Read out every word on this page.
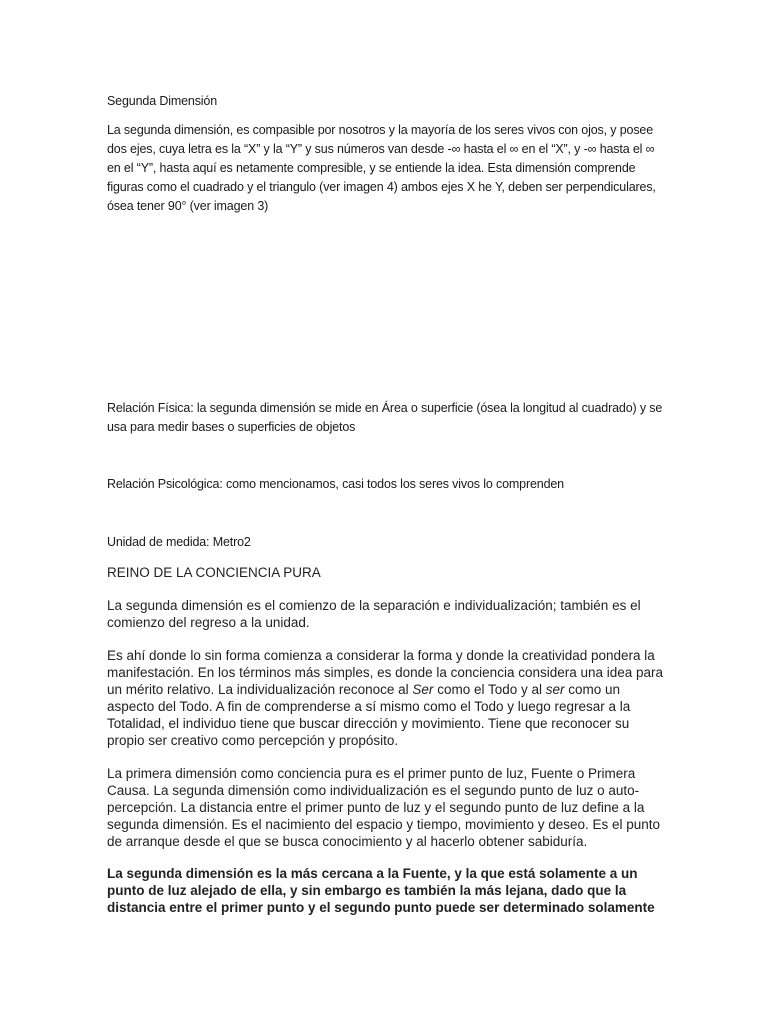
Segunda Dimensión

La segunda dimensión, es compasible por nosotros y la mayoría de los seres vivos con ojos, y posee dos ejes, cuya letra es la “X” y la “Y” y sus números van desde -∞ hasta el ∞ en el “X”, y -∞ hasta el ∞ en el “Y”, hasta aquí es netamente compresible, y se entiende la idea. Esta dimensión comprende figuras como el cuadrado y el triangulo (ver imagen 4) ambos ejes X he Y, deben ser perpendiculares, ósea tener 90° (ver imagen 3)

Relación Física: la segunda dimensión se mide en Área o superficie (ósea la longitud al cuadrado) y se usa para medir bases o superficies de objetos

Relación Psicológica: como mencionamos, casi todos los seres vivos lo comprenden

Unidad de medida: Metro2

REINO DE LA CONCIENCIA PURA

La segunda dimensión es el comienzo de la separación e individualización; también es el comienzo del regreso a la unidad.

Es ahí donde lo sin forma comienza a considerar la forma y donde la creatividad pondera la manifestación. En los términos más simples, es donde la conciencia considera una idea para un mérito relativo. La individualización reconoce al Ser como el Todo y al ser como un aspecto del Todo. A fin de comprenderse a sí mismo como el Todo y luego regresar a la Totalidad, el individuo tiene que buscar dirección y movimiento. Tiene que reconocer su propio ser creativo como percepción y propósito.

La primera dimensión como conciencia pura es el primer punto de luz, Fuente o Primera Causa. La segunda dimensión como individualización es el segundo punto de luz o auto-percepción. La distancia entre el primer punto de luz y el segundo punto de luz define a la segunda dimensión. Es el nacimiento del espacio y tiempo, movimiento y deseo. Es el punto de arranque desde el que se busca conocimiento y al hacerlo obtener sabiduría.

La segunda dimensión es la más cercana a la Fuente, y la que está solamente a un punto de luz alejado de ella, y sin embargo es también la más lejana, dado que la distancia entre el primer punto y el segundo punto puede ser determinado solamente
